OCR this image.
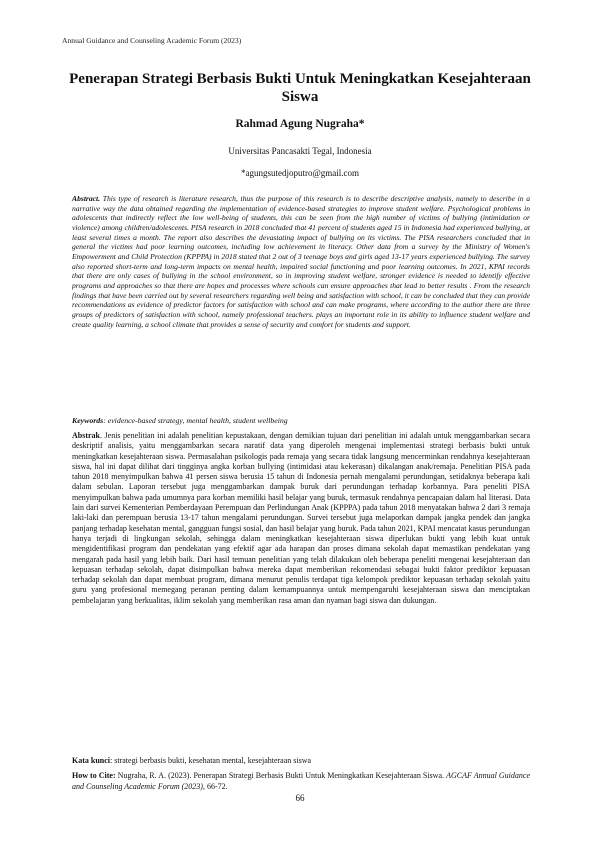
Annual Guidance and Counseling Academic Forum (2023)
Penerapan Strategi Berbasis Bukti Untuk Meningkatkan Kesejahteraan Siswa
Rahmad Agung Nugraha*
Universitas Pancasakti Tegal, Indonesia
*agungsutedjoputro@gmail.com
Abstract. This type of research is literature research, thus the purpose of this research is to describe descriptive analysis, namely to describe in a narrative way the data obtained regarding the implementation of evidence-based strategies to improve student welfare. Psychological problems in adolescents that indirectly reflect the low well-being of students, this can be seen from the high number of victims of bullying (intimidation or violence) among children/adolescents. PISA research in 2018 concluded that 41 percent of students aged 15 in Indonesia had experienced bullying, at least several times a month. The report also describes the devastating impact of bullying on its victims. The PISA researchers concluded that in general the victims had poor learning outcomes, including low achievement in literacy. Other data from a survey by the Ministry of Women's Empowerment and Child Protection (KPPPA) in 2018 stated that 2 out of 3 teenage boys and girls aged 13-17 years experienced bullying. The survey also reported short-term and long-term impacts on mental health, impaired social functioning and poor learning outcomes. In 2021, KPAI records that there are only cases of bullying in the school environment, so in improving student welfare, stronger evidence is needed to identify effective programs and approaches so that there are hopes and processes where schools can ensure approaches that lead to better results . From the research findings that have been carried out by several researchers regarding well being and satisfaction with school, it can be concluded that they can provide recommendations as evidence of predictor factors for satisfaction with school and can make programs, where according to the author there are three groups of predictors of satisfaction with school, namely professional teachers. plays an important role in its ability to influence student welfare and create quality learning, a school climate that provides a sense of security and comfort for students and support.
Keywords: evidence-based strategy, mental health, student wellbeing
Abstrak. Jenis penelitian ini adalah penelitian kepustakaan, dengan demikian tujuan dari penelitian ini adalah untuk menggambarkan secara deskriptif analisis, yaitu menggambarkan secara naratif data yang diperoleh mengenai implementasi strategi berbasis bukti untuk meningkatkan kesejahteraan siswa. Permasalahan psikologis pada remaja yang secara tidak langsung mencerminkan rendahnya kesejahteraan siswa, hal ini dapat dilihat dari tingginya angka korban bullying (intimidasi atau kekerasan) dikalangan anak/remaja. Penelitian PISA pada tahun 2018 menyimpulkan bahwa 41 persen siswa berusia 15 tahun di Indonesia pernah mengalami perundungan, setidaknya beberapa kali dalam sebulan. Laporan tersebut juga menggambarkan dampak buruk dari perundungan terhadap korbannya. Para peneliti PISA menyimpulkan bahwa pada umumnya para korban memiliki hasil belajar yang buruk, termasuk rendahnya pencapaian dalam hal literasi. Data lain dari survei Kementerian Pemberdayaan Perempuan dan Perlindungan Anak (KPPPA) pada tahun 2018 menyatakan bahwa 2 dari 3 remaja laki-laki dan perempuan berusia 13-17 tahun mengalami perundungan. Survei tersebut juga melaporkan dampak jangka pendek dan jangka panjang terhadap kesehatan mental, gangguan fungsi sosial, dan hasil belajar yang buruk. Pada tahun 2021, KPAI mencatat kasus perundungan hanya terjadi di lingkungan sekolah, sehingga dalam meningkatkan kesejahteraan siswa diperlukan bukti yang lebih kuat untuk mengidentifikasi program dan pendekatan yang efektif agar ada harapan dan proses dimana sekolah dapat memastikan pendekatan yang mengarah pada hasil yang lebih baik. Dari hasil temuan penelitian yang telah dilakukan oleh beberapa peneliti mengenai kesejahteraan dan kepuasan terhadap sekolah, dapat disimpulkan bahwa mereka dapat memberikan rekomendasi sebagai bukti faktor prediktor kepuasan terhadap sekolah dan dapat membuat program, dimana menurut penulis terdapat tiga kelompok prediktor kepuasan terhadap sekolah yaitu guru yang profesional memegang peranan penting dalam kemampuannya untuk mempengaruhi kesejahteraan siswa dan menciptakan pembelajaran yang berkualitas, iklim sekolah yang memberikan rasa aman dan nyaman bagi siswa dan dukungan.
Kata kunci: strategi berbasis bukti, kesehatan mental, kesejahteraan siswa
How to Cite: Nugraha, R. A. (2023). Penerapan Strategi Berbasis Bukti Untuk Meningkatkan Kesejahteraan Siswa. AGCAF Annual Guidance and Counseling Academic Forum (2023), 66-72.
66
